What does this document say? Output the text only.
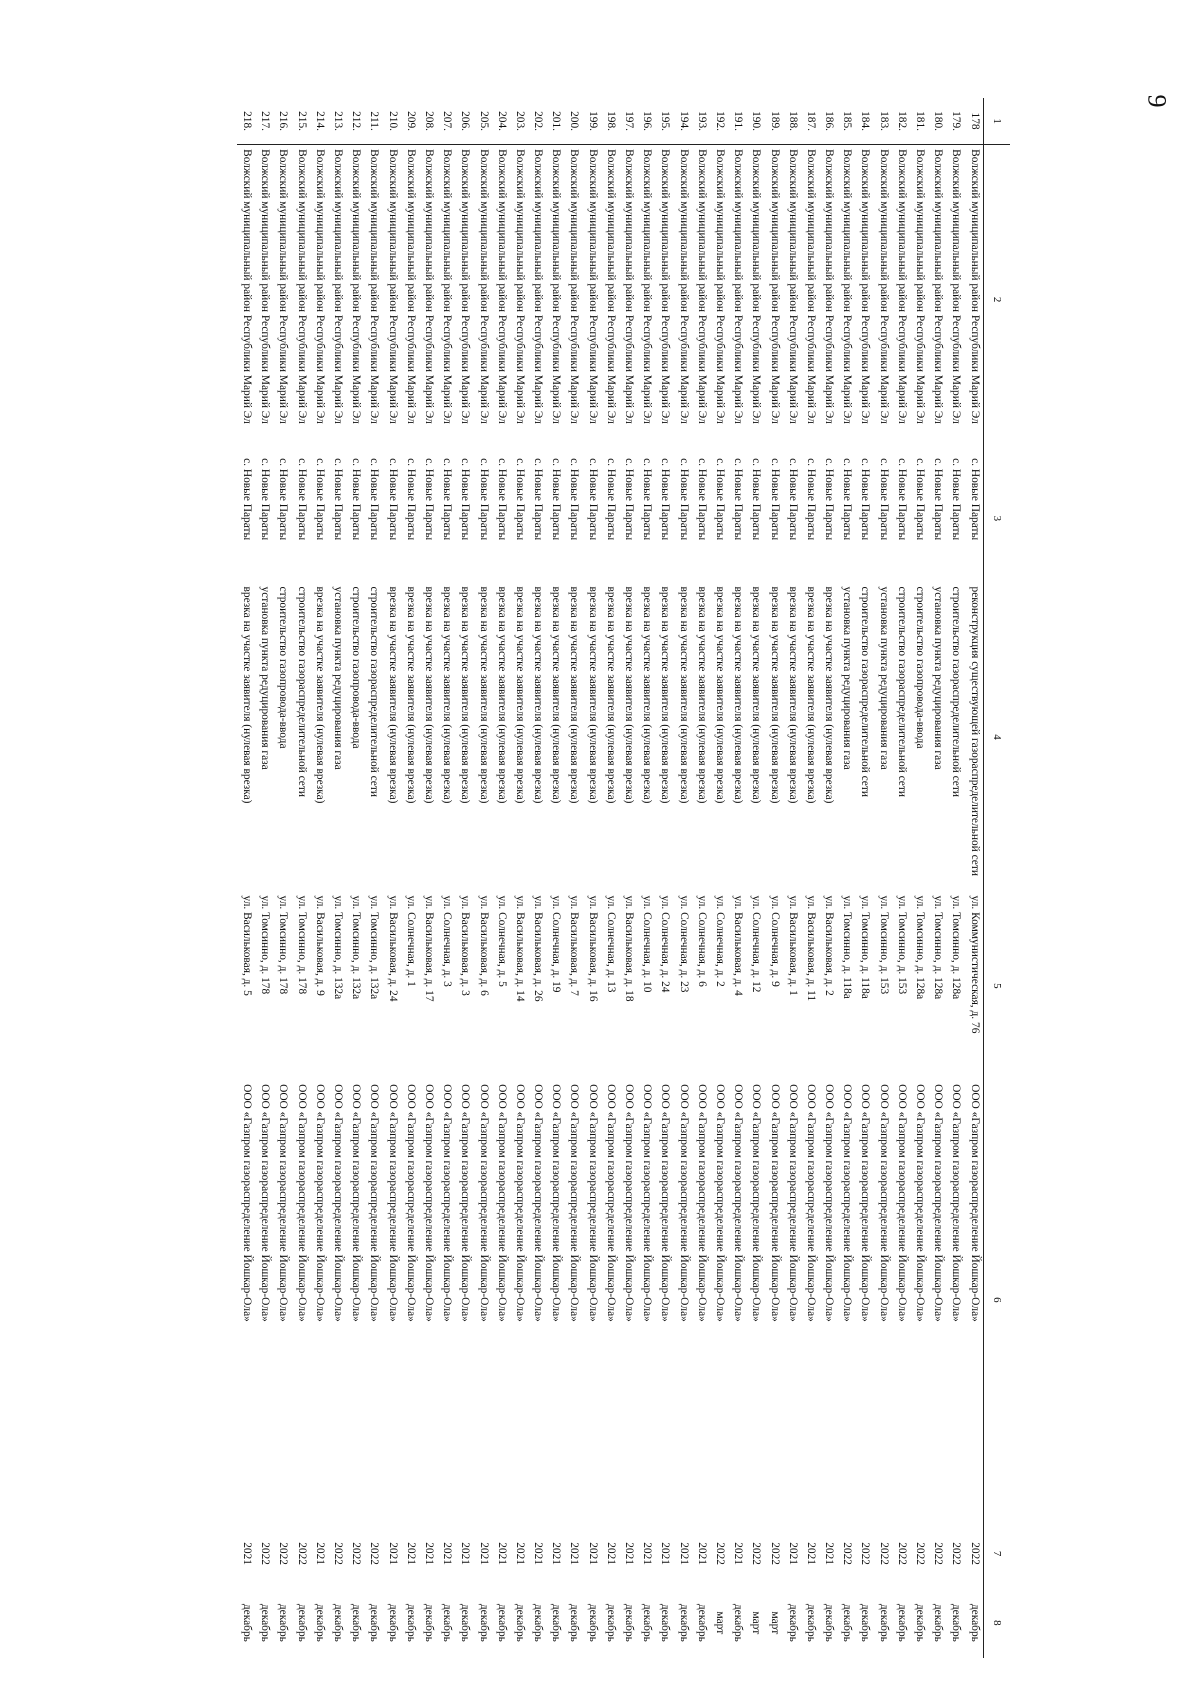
9
1	2	3	4	5	6	7	8
178	Волжский муниципальный район Республики Марий Эл	с. Новые Параты	реконструкция существующей газораспределительной сети	ул. Коммунистическая, д. 76	ООО «Газпром газораспределение Йошкар-Ола»	2022	декабрь
179.	Волжский муниципальный район Республики Марий Эл	с. Новые Параты	строительство газораспределительной сети	ул. Томсинно, д. 128а	ООО «Газпром газораспределение Йошкар-Ола»	2022	декабрь
180.	Волжский муниципальный район Республики Марий Эл	с. Новые Параты	установка пункта редуцирования газа	ул. Томсинно, д. 128а	ООО «Газпром газораспределение Йошкар-Ола»	2022	декабрь
181.	Волжский муниципальный район Республики Марий Эл	с. Новые Параты	строительство газопровода-ввода	ул. Томсинно, д. 128а	ООО «Газпром газораспределение Йошкар-Ола»	2022	декабрь
182.	Волжский муниципальный район Республики Марий Эл	с. Новые Параты	строительство газораспределительной сети	ул. Томсинно, д. 153	ООО «Газпром газораспределение Йошкар-Ола»	2022	декабрь
183.	Волжский муниципальный район Республики Марий Эл	с. Новые Параты	установка пункта редуцирования газа	ул. Томсинно, д. 153	ООО «Газпром газораспределение Йошкар-Ола»	2022	декабрь
184.	Волжский муниципальный район Республики Марий Эл	с. Новые Параты	строительство газораспределительной сети	ул. Томсинно, д. 118а	ООО «Газпром газораспределение Йошкар-Ола»	2022	декабрь
185.	Волжский муниципальный район Республики Марий Эл	с. Новые Параты	установка пункта редуцирования газа	ул. Томсинно, д. 118а	ООО «Газпром газораспределение Йошкар-Ола»	2022	декабрь
186.	Волжский муниципальный район Республики Марий Эл	с. Новые Параты	врезка на участке заявителя (нулевая врезка)	ул. Васильковая, д. 2	ООО «Газпром газораспределение Йошкар-Ола»	2021	декабрь
187.	Волжский муниципальный район Республики Марий Эл	с. Новые Параты	врезка на участке заявителя (нулевая врезка)	ул. Васильковая, д. 11	ООО «Газпром газораспределение Йошкар-Ола»	2021	декабрь
188.	Волжский муниципальный район Республики Марий Эл	с. Новые Параты	врезка на участке заявителя (нулевая врезка)	ул. Васильковая, д. 1	ООО «Газпром газораспределение Йошкар-Ола»	2021	декабрь
189.	Волжский муниципальный район Республики Марий Эл	с. Новые Параты	врезка на участке заявителя (нулевая врезка)	ул. Солнечная, д. 9	ООО «Газпром газораспределение Йошкар-Ола»	2022	март
190.	Волжский муниципальный район Республики Марий Эл	с. Новые Параты	врезка на участке заявителя (нулевая врезка)	ул. Солнечная, д. 12	ООО «Газпром газораспределение Йошкар-Ола»	2022	март
191.	Волжский муниципальный район Республики Марий Эл	с. Новые Параты	врезка на участке заявителя (нулевая врезка)	ул. Васильковая, д. 4	ООО «Газпром газораспределение Йошкар-Ола»	2021	декабрь
192.	Волжский муниципальный район Республики Марий Эл	с. Новые Параты	врезка на участке заявителя (нулевая врезка)	ул. Солнечная, д. 2	ООО «Газпром газораспределение Йошкар-Ола»	2022	март
193.	Волжский муниципальный район Республики Марий Эл	с. Новые Параты	врезка на участке заявителя (нулевая врезка)	ул. Солнечная, д. 6	ООО «Газпром газораспределение Йошкар-Ола»	2021	декабрь
194.	Волжский муниципальный район Республики Марий Эл	с. Новые Параты	врезка на участке заявителя (нулевая врезка)	ул. Солнечная, д. 23	ООО «Газпром газораспределение Йошкар-Ола»	2021	декабрь
195.	Волжский муниципальный район Республики Марий Эл	с. Новые Параты	врезка на участке заявителя (нулевая врезка)	ул. Солнечная, д. 24	ООО «Газпром газораспределение Йошкар-Ола»	2021	декабрь
196.	Волжский муниципальный район Республики Марий Эл	с. Новые Параты	врезка на участке заявителя (нулевая врезка)	ул. Солнечная, д. 10	ООО «Газпром газораспределение Йошкар-Ола»	2021	декабрь
197.	Волжский муниципальный район Республики Марий Эл	с. Новые Параты	врезка на участке заявителя (нулевая врезка)	ул. Васильковая, д. 18	ООО «Газпром газораспределение Йошкар-Ола»	2021	декабрь
198.	Волжский муниципальный район Республики Марий Эл	с. Новые Параты	врезка на участке заявителя (нулевая врезка)	ул. Солнечная, д. 13	ООО «Газпром газораспределение Йошкар-Ола»	2021	декабрь
199.	Волжский муниципальный район Республики Марий Эл	с. Новые Параты	врезка на участке заявителя (нулевая врезка)	ул. Васильковая, д. 16	ООО «Газпром газораспределение Йошкар-Ола»	2021	декабрь
200.	Волжский муниципальный район Республики Марий Эл	с. Новые Параты	врезка на участке заявителя (нулевая врезка)	ул. Васильковая, д. 7	ООО «Газпром газораспределение Йошкар-Ола»	2021	декабрь
201.	Волжский муниципальный район Республики Марий Эл	с. Новые Параты	врезка на участке заявителя (нулевая врезка)	ул. Солнечная, д. 19	ООО «Газпром газораспределение Йошкар-Ола»	2021	декабрь
202.	Волжский муниципальный район Республики Марий Эл	с. Новые Параты	врезка на участке заявителя (нулевая врезка)	ул. Васильковая, д. 26	ООО «Газпром газораспределение Йошкар-Ола»	2021	декабрь
203.	Волжский муниципальный район Республики Марий Эл	с. Новые Параты	врезка на участке заявителя (нулевая врезка)	ул. Васильковая, д. 14	ООО «Газпром газораспределение Йошкар-Ола»	2021	декабрь
204.	Волжский муниципальный район Республики Марий Эл	с. Новые Параты	врезка на участке заявителя (нулевая врезка)	ул. Солнечная, д. 5	ООО «Газпром газораспределение Йошкар-Ола»	2021	декабрь
205.	Волжский муниципальный район Республики Марий Эл	с. Новые Параты	врезка на участке заявителя (нулевая врезка)	ул. Васильковая, д. 6	ООО «Газпром газораспределение Йошкар-Ола»	2021	декабрь
206.	Волжский муниципальный район Республики Марий Эл	с. Новые Параты	врезка на участке заявителя (нулевая врезка)	ул. Васильковая, д. 3	ООО «Газпром газораспределение Йошкар-Ола»	2021	декабрь
207.	Волжский муниципальный район Республики Марий Эл	с. Новые Параты	врезка на участке заявителя (нулевая врезка)	ул. Солнечная, д. 3	ООО «Газпром газораспределение Йошкар-Ола»	2021	декабрь
208.	Волжский муниципальный район Республики Марий Эл	с. Новые Параты	врезка на участке заявителя (нулевая врезка)	ул. Васильковая, д. 17	ООО «Газпром газораспределение Йошкар-Ола»	2021	декабрь
209.	Волжский муниципальный район Республики Марий Эл	с. Новые Параты	врезка на участке заявителя (нулевая врезка)	ул. Солнечная, д. 1	ООО «Газпром газораспределение Йошкар-Ола»	2021	декабрь
210.	Волжский муниципальный район Республики Марий Эл	с. Новые Параты	врезка на участке заявителя (нулевая врезка)	ул. Васильковая, д. 24	ООО «Газпром газораспределение Йошкар-Ола»	2021	декабрь
211.	Волжский муниципальный район Республики Марий Эл	с. Новые Параты	строительство газораспределительной сети	ул. Томсинно, д. 132а	ООО «Газпром газораспределение Йошкар-Ола»	2022	декабрь
212.	Волжский муниципальный район Республики Марий Эл	с. Новые Параты	строительство газопровода-ввода	ул. Томсинно, д. 132а	ООО «Газпром газораспределение Йошкар-Ола»	2022	декабрь
213.	Волжский муниципальный район Республики Марий Эл	с. Новые Параты	установка пункта редуцирования газа	ул. Томсинно, д. 132а	ООО «Газпром газораспределение Йошкар-Ола»	2022	декабрь
214.	Волжский муниципальный район Республики Марий Эл	с. Новые Параты	врезка на участке заявителя (нулевая врезка)	ул. Васильковая, д. 9	ООО «Газпром газораспределение Йошкар-Ола»	2021	декабрь
215.	Волжский муниципальный район Республики Марий Эл	с. Новые Параты	строительство газораспределительной сети	ул. Томсинно, д. 178	ООО «Газпром газораспределение Йошкар-Ола»	2022	декабрь
216.	Волжский муниципальный район Республики Марий Эл	с. Новые Параты	строительство газопровода-ввода	ул. Томсинно, д. 178	ООО «Газпром газораспределение Йошкар-Ола»	2022	декабрь
217.	Волжский муниципальный район Республики Марий Эл	с. Новые Параты	установка пункта редуцирования газа	ул. Томсинно, д. 178	ООО «Газпром газораспределение Йошкар-Ола»	2022	декабрь
218.	Волжский муниципальный район Республики Марий Эл	с. Новые Параты	врезка на участке заявителя (нулевая врезка)	ул. Васильковая, д. 5	ООО «Газпром газораспределение Йошкар-Ола»	2021	декабрь
